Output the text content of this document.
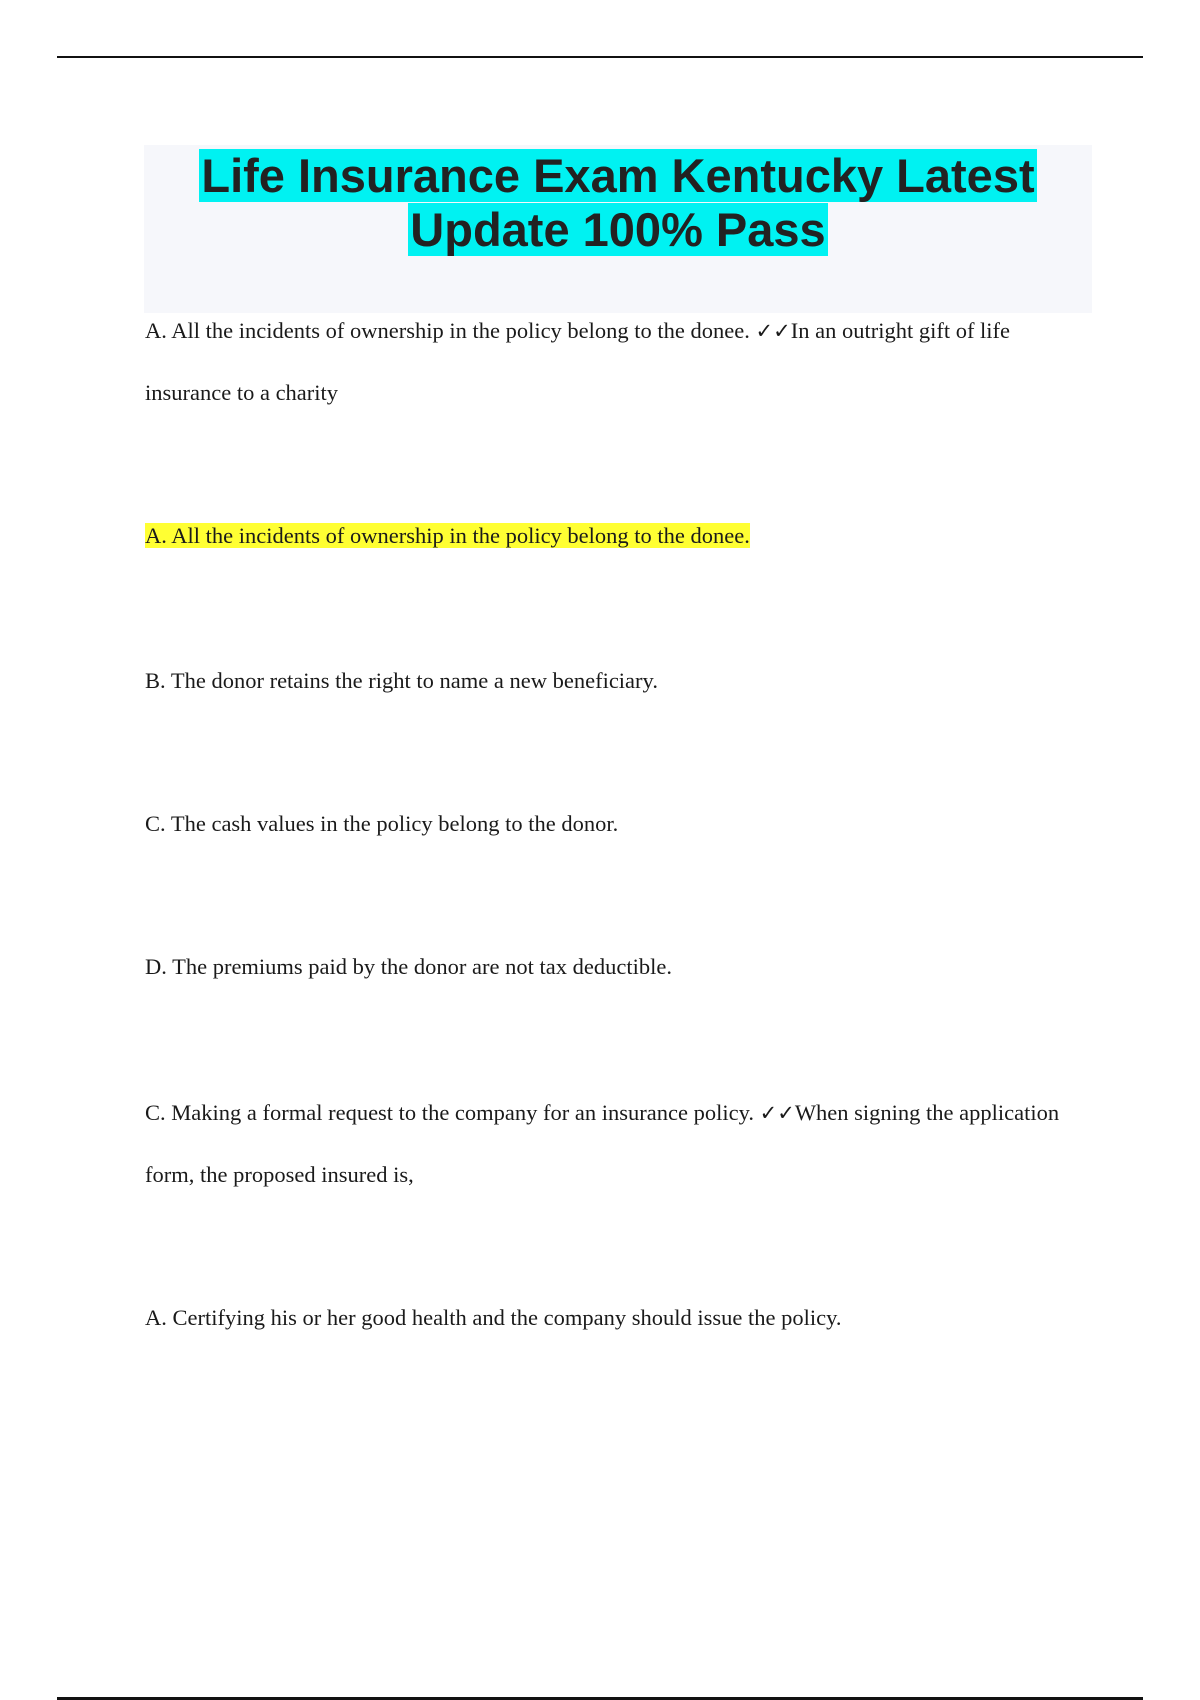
Life Insurance Exam Kentucky Latest
Update 100% Pass

A. All the incidents of ownership in the policy belong to the donee. ✓✓In an outright gift of life insurance to a charity

A. All the incidents of ownership in the policy belong to the donee.

B. The donor retains the right to name a new beneficiary.

C. The cash values in the policy belong to the donor.

D. The premiums paid by the donor are not tax deductible.

C. Making a formal request to the company for an insurance policy. ✓✓When signing the application form, the proposed insured is,

A. Certifying his or her good health and the company should issue the policy.
